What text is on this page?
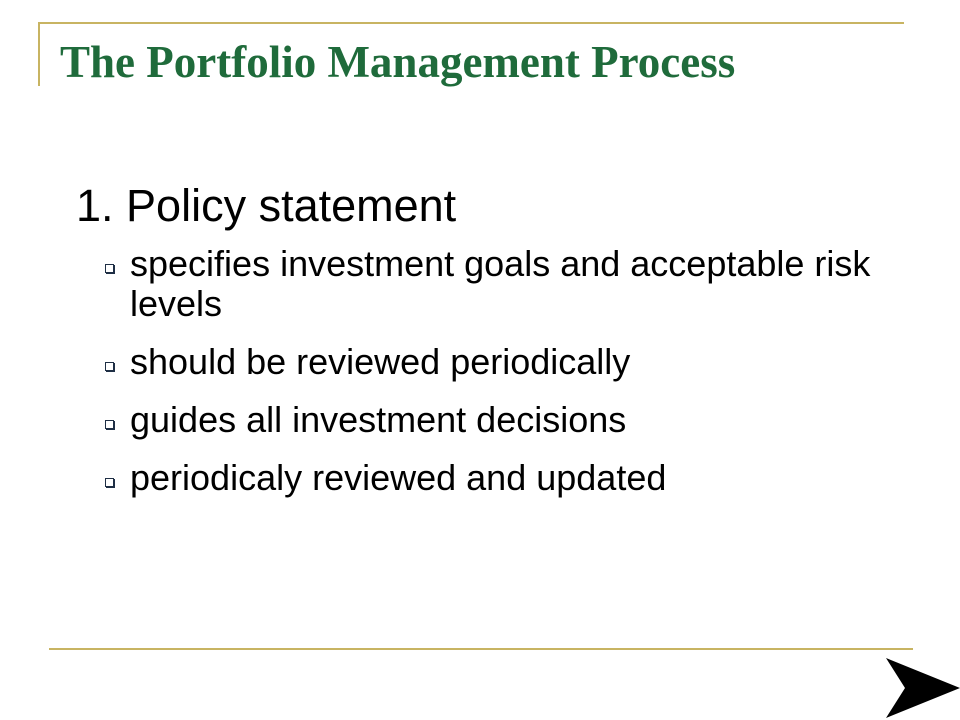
The Portfolio Management Process
1. Policy statement
specifies investment goals and acceptable risk levels
should be reviewed periodically
guides all investment decisions
periodicaly reviewed and updated
